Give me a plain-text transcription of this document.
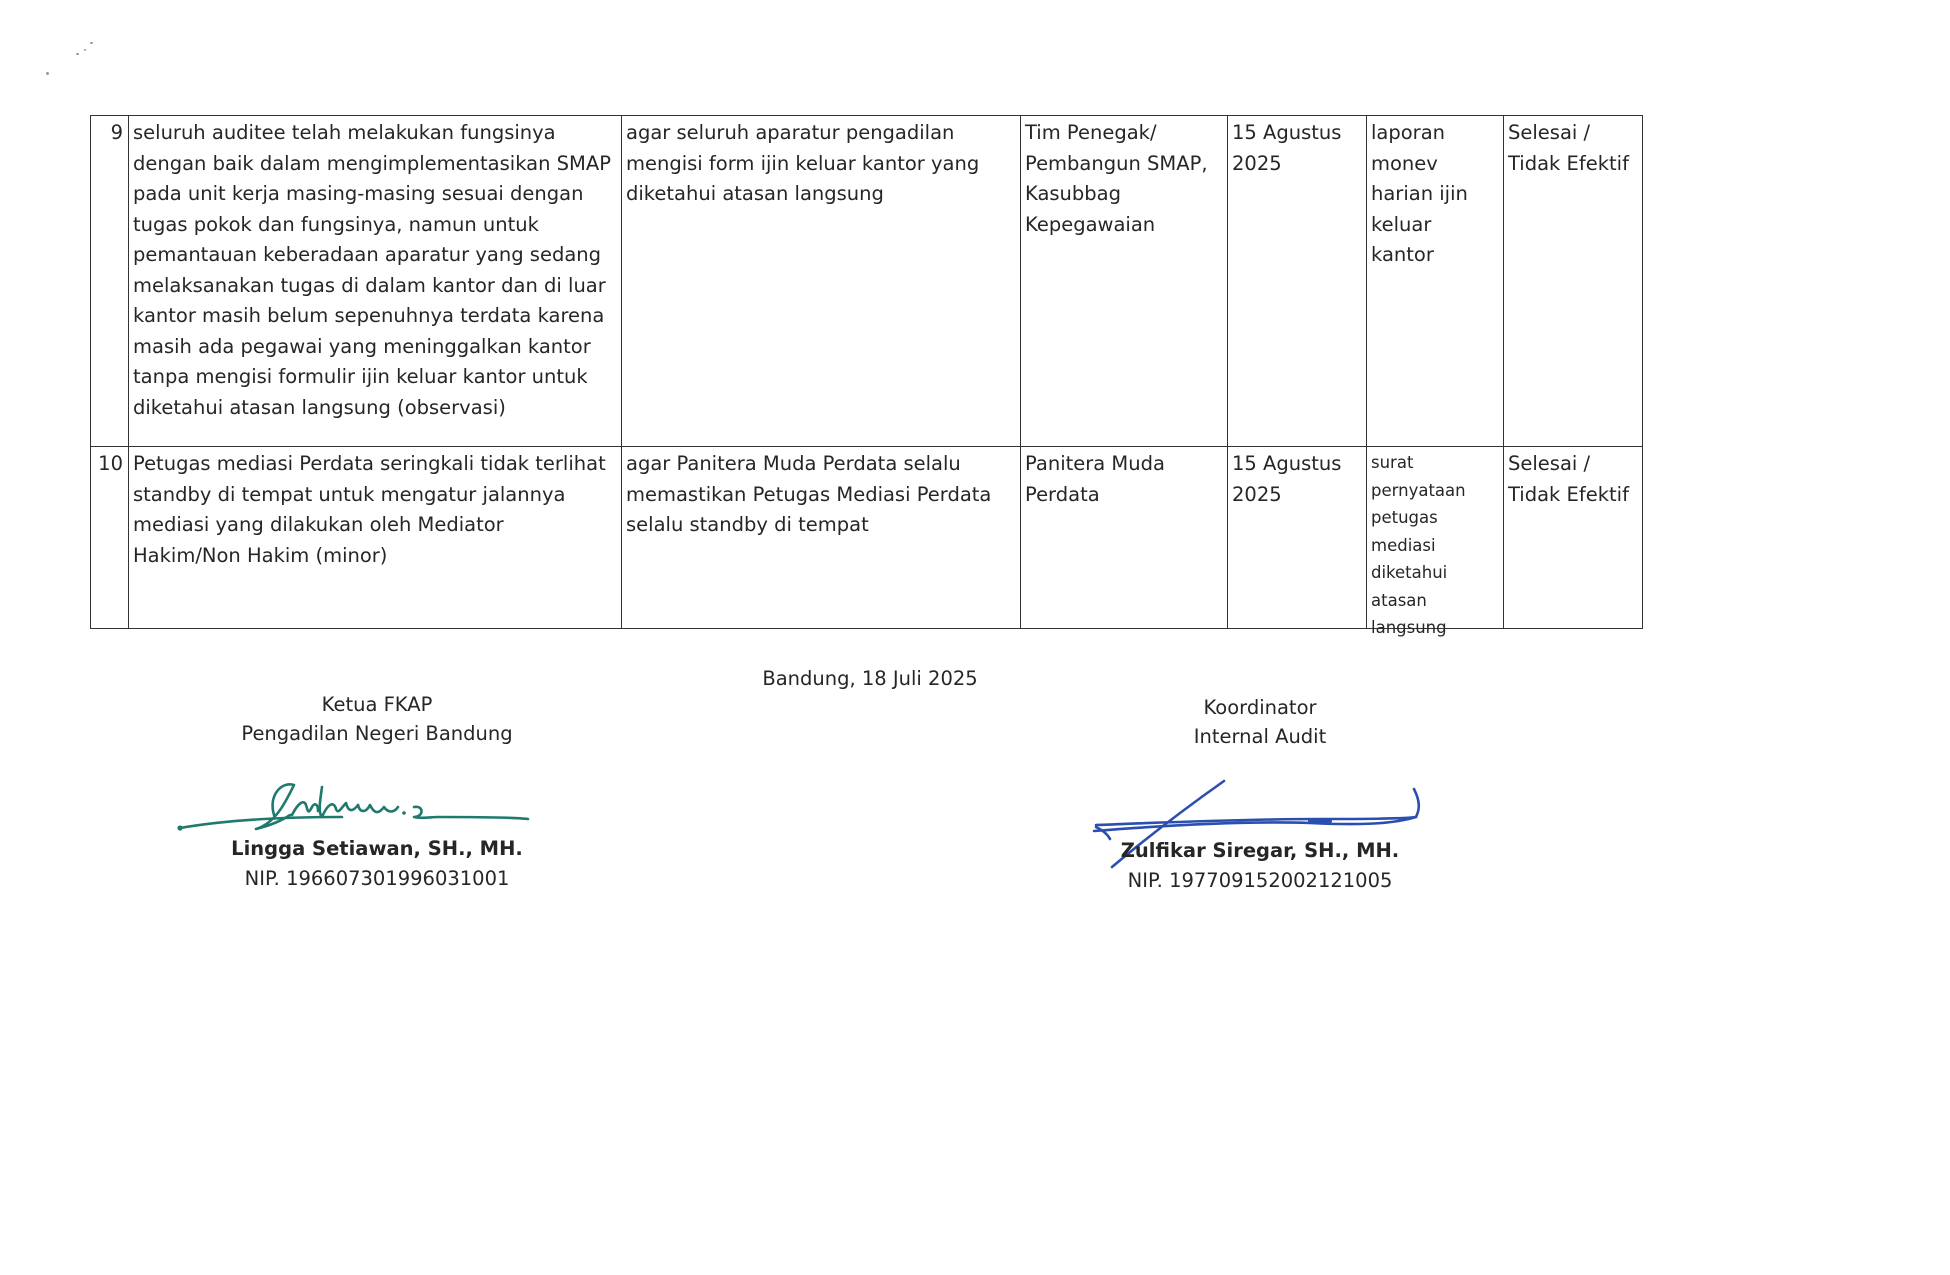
9	seluruh auditee telah melakukan fungsinya dengan baik dalam mengimplementasikan SMAP pada unit kerja masing-masing sesuai dengan tugas pokok dan fungsinya, namun untuk pemantauan keberadaan aparatur yang sedang melaksanakan tugas di dalam kantor dan di luar kantor masih belum sepenuhnya terdata karena masih ada pegawai yang meninggalkan kantor tanpa mengisi formulir ijin keluar kantor untuk diketahui atasan langsung (observasi)	agar seluruh aparatur pengadilan mengisi form ijin keluar kantor yang diketahui atasan langsung	Tim Penegak/ Pembangun SMAP, Kasubbag Kepegawaian	15 Agustus 2025	laporan monev harian ijin keluar kantor	Selesai / Tidak Efektif
10	Petugas mediasi Perdata seringkali tidak terlihat standby di tempat untuk mengatur jalannya mediasi yang dilakukan oleh Mediator Hakim/Non Hakim (minor)	agar Panitera Muda Perdata selalu memastikan Petugas Mediasi Perdata selalu standby di tempat	Panitera Muda Perdata	15 Agustus 2025	surat pernyataan petugas mediasi diketahui atasan langsung	Selesai / Tidak Efektif
Bandung, 18 Juli 2025
Ketua FKAP
Pengadilan Negeri Bandung
Koordinator
Internal Audit
Lingga Setiawan, SH., MH.
NIP. 196607301996031001
Zulfikar Siregar, SH., MH.
NIP. 197709152002121005
